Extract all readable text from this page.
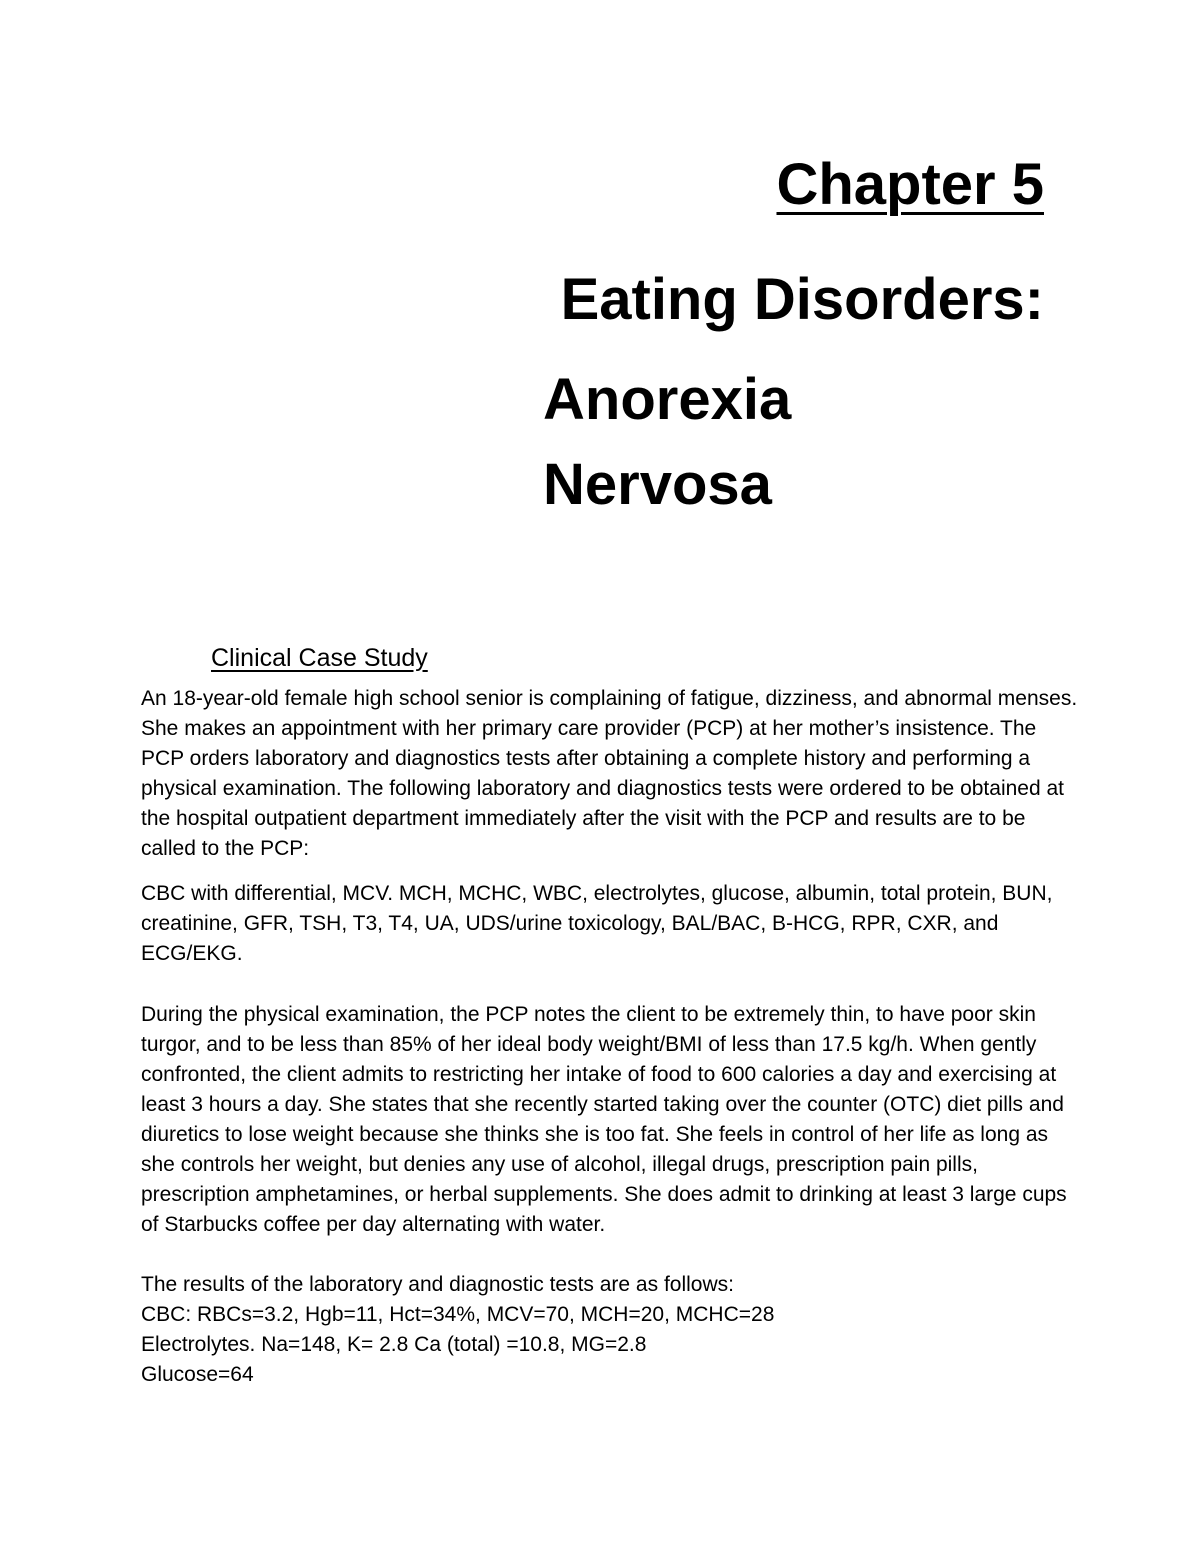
Chapter 5

Eating Disorders:

Anorexia

Nervosa

Clinical Case Study

An 18-year-old female high school senior is complaining of fatigue, dizziness, and abnormal menses. She makes an appointment with her primary care provider (PCP) at her mother’s insistence. The PCP orders laboratory and diagnostics tests after obtaining a complete history and performing a physical examination. The following laboratory and diagnostics tests were ordered to be obtained at the hospital outpatient department immediately after the visit with the PCP and results are to be called to the PCP:

CBC with differential, MCV. MCH, MCHC, WBC, electrolytes, glucose, albumin, total protein, BUN, creatinine, GFR, TSH, T3, T4, UA, UDS/urine toxicology, BAL/BAC, B-HCG, RPR, CXR, and ECG/EKG.

During the physical examination, the PCP notes the client to be extremely thin, to have poor skin turgor, and to be less than 85% of her ideal body weight/BMI of less than 17.5 kg/h. When gently confronted, the client admits to restricting her intake of food to 600 calories a day and exercising at least 3 hours a day. She states that she recently started taking over the counter (OTC) diet pills and diuretics to lose weight because she thinks she is too fat. She feels in control of her life as long as she controls her weight, but denies any use of alcohol, illegal drugs, prescription pain pills, prescription amphetamines, or herbal supplements. She does admit to drinking at least 3 large cups of Starbucks coffee per day alternating with water.

The results of the laboratory and diagnostic tests are as follows:
CBC: RBCs=3.2, Hgb=11, Hct=34%, MCV=70, MCH=20, MCHC=28
Electrolytes. Na=148, K= 2.8 Ca (total) =10.8, MG=2.8
Glucose=64
